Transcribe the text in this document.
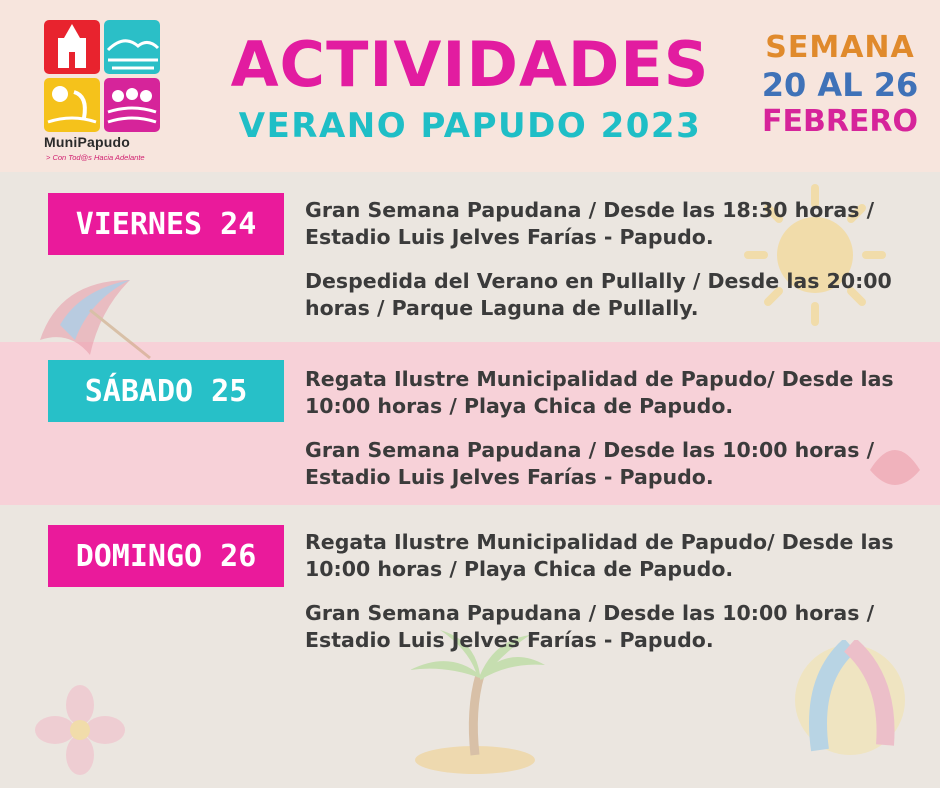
MuniPapudo
> Con Tod@s Hacia Adelante
ACTIVIDADES
VERANO PAPUDO 2023
SEMANA
20 AL 26
FEBRERO
VIERNES 24	Gran Semana Papudana / Desde las 18:30 horas / Estadio Luis Jelves Farías - Papudo.
Despedida del Verano en Pullally / Desde las 20:00 horas / Parque Laguna de Pullally.
SÁBADO 25	Regata Ilustre Municipalidad de Papudo/ Desde las 10:00 horas / Playa Chica de Papudo.
Gran Semana Papudana / Desde las 10:00 horas / Estadio Luis Jelves Farías - Papudo.
DOMINGO 26	Regata Ilustre Municipalidad de Papudo/ Desde las 10:00 horas / Playa Chica de Papudo.
Gran Semana Papudana / Desde las 10:00 horas / Estadio Luis Jelves Farías - Papudo.
